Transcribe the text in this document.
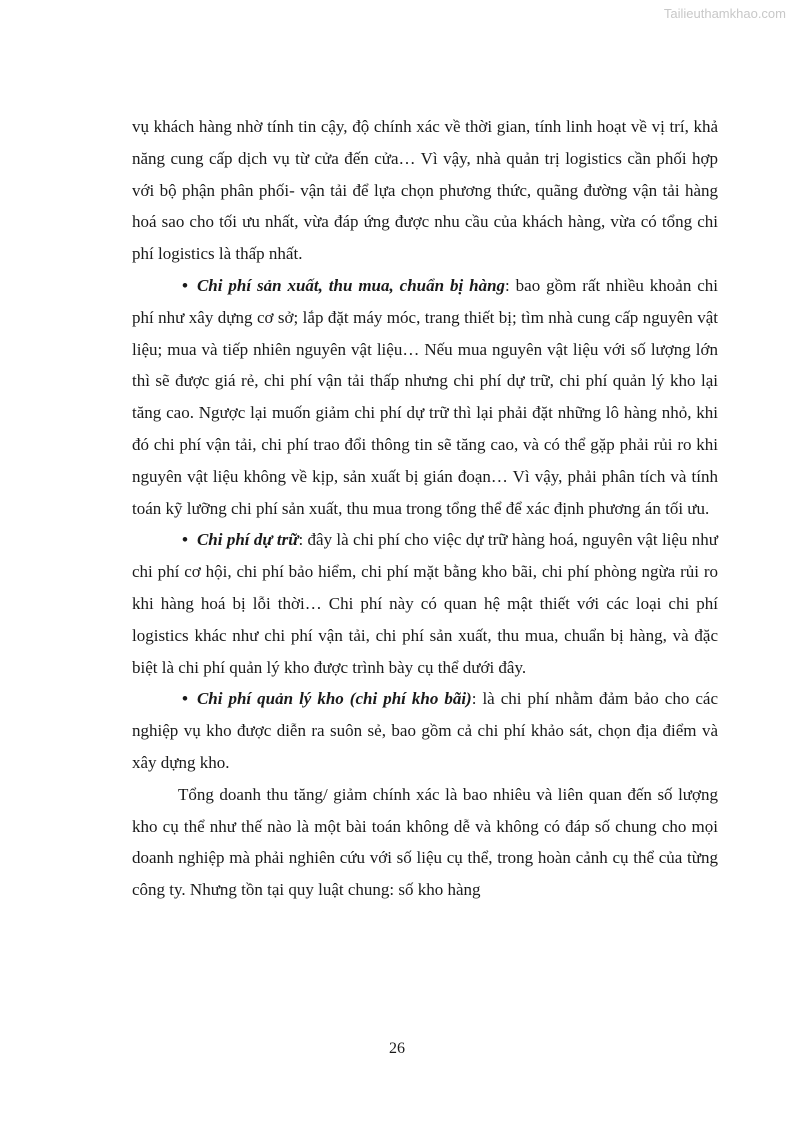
Tailieuthamkhao.com

vụ khách hàng nhờ tính tin cậy, độ chính xác về thời gian, tính linh hoạt về vị trí, khả năng cung cấp dịch vụ từ cửa đến cửa… Vì vậy, nhà quản trị logistics cần phối hợp với bộ phận phân phối- vận tải để lựa chọn phương thức, quãng đường vận tải hàng hoá sao cho tối ưu nhất, vừa đáp ứng được nhu cầu của khách hàng, vừa có tổng chi phí logistics là thấp nhất.

• Chi phí sản xuất, thu mua, chuẩn bị hàng: bao gồm rất nhiều khoản chi phí như xây dựng cơ sở; lắp đặt máy móc, trang thiết bị; tìm nhà cung cấp nguyên vật liệu; mua và tiếp nhiên nguyên vật liệu… Nếu mua nguyên vật liệu với số lượng lớn thì sẽ được giá rẻ, chi phí vận tải thấp nhưng chi phí dự trữ, chi phí quản lý kho lại tăng cao. Ngược lại muốn giảm chi phí dự trữ thì lại phải đặt những lô hàng nhỏ, khi đó chi phí vận tải, chi phí trao đổi thông tin sẽ tăng cao, và có thể gặp phải rủi ro khi nguyên vật liệu không về kịp, sản xuất bị gián đoạn… Vì vậy, phải phân tích và tính toán kỹ lưỡng chi phí sản xuất, thu mua trong tổng thể để xác định phương án tối ưu.

• Chi phí dự trữ: đây là chi phí cho việc dự trữ hàng hoá, nguyên vật liệu như chi phí cơ hội, chi phí bảo hiểm, chi phí mặt bằng kho bãi, chi phí phòng ngừa rủi ro khi hàng hoá bị lỗi thời… Chi phí này có quan hệ mật thiết với các loại chi phí logistics khác như chi phí vận tải, chi phí sản xuất, thu mua, chuẩn bị hàng, và đặc biệt là chi phí quản lý kho được trình bày cụ thể dưới đây.

• Chi phí quản lý kho (chi phí kho bãi): là chi phí nhằm đảm bảo cho các nghiệp vụ kho được diễn ra suôn sẻ, bao gồm cả chi phí khảo sát, chọn địa điểm và xây dựng kho.

Tổng doanh thu tăng/ giảm chính xác là bao nhiêu và liên quan đến số lượng kho cụ thể như thế nào là một bài toán không dễ và không có đáp số chung cho mọi doanh nghiệp mà phải nghiên cứu với số liệu cụ thể, trong hoàn cảnh cụ thể của từng công ty. Nhưng tồn tại quy luật chung: số kho hàng

26
